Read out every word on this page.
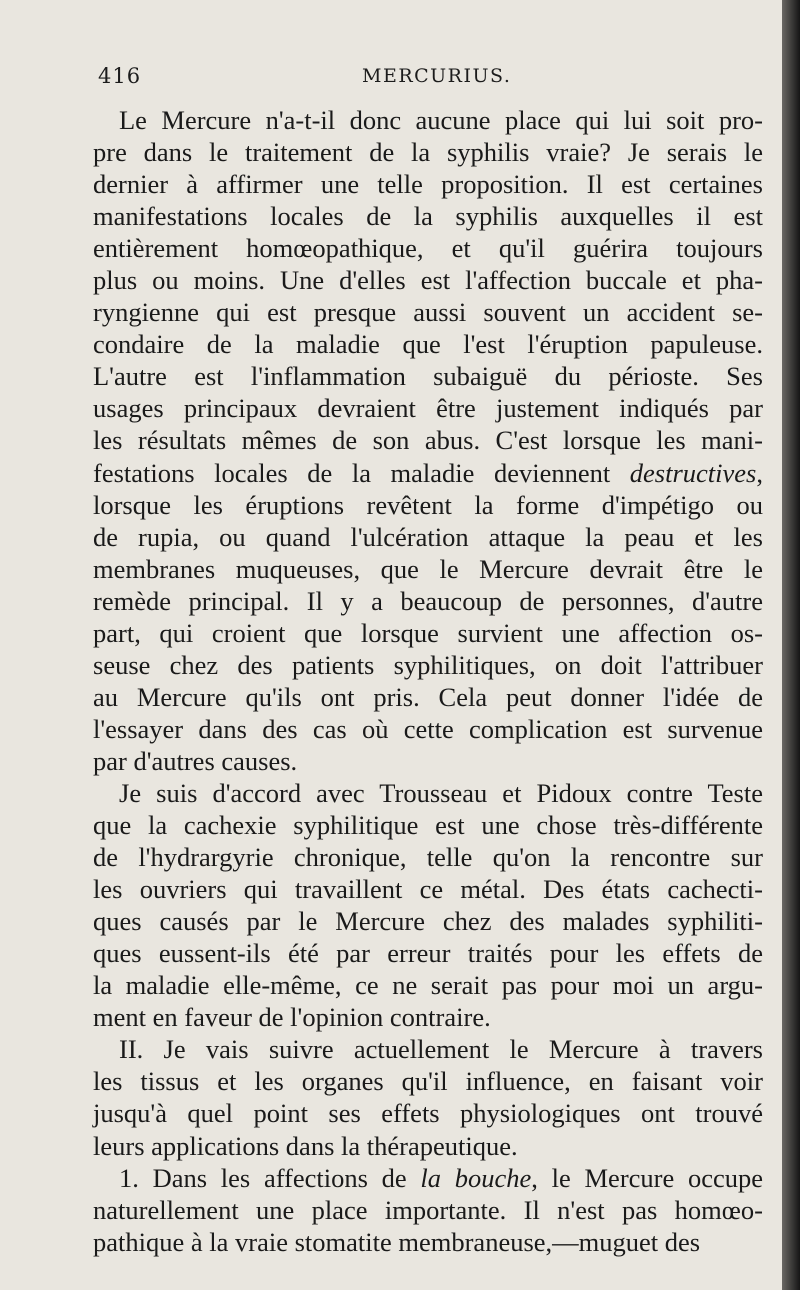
416	MERCURIUS.
Le Mercure n'a-t-il donc aucune place qui lui soit pro-
pre dans le traitement de la syphilis vraie? Je serais le
dernier à affirmer une telle proposition. Il est certaines
manifestations locales de la syphilis auxquelles il est
entièrement homœopathique, et qu'il guérira toujours
plus ou moins. Une d'elles est l'affection buccale et pha-
ryngienne qui est presque aussi souvent un accident se-
condaire de la maladie que l'est l'éruption papuleuse.
L'autre est l'inflammation subaiguë du périoste. Ses
usages principaux devraient être justement indiqués par
les résultats mêmes de son abus. C'est lorsque les mani-
festations locales de la maladie deviennent destructives,
lorsque les éruptions revêtent la forme d'impétigo ou
de rupia, ou quand l'ulcération attaque la peau et les
membranes muqueuses, que le Mercure devrait être le
remède principal. Il y a beaucoup de personnes, d'autre
part, qui croient que lorsque survient une affection os-
seuse chez des patients syphilitiques, on doit l'attribuer
au Mercure qu'ils ont pris. Cela peut donner l'idée de
l'essayer dans des cas où cette complication est survenue
par d'autres causes.
Je suis d'accord avec Trousseau et Pidoux contre Teste
que la cachexie syphilitique est une chose très-différente
de l'hydrargyrie chronique, telle qu'on la rencontre sur
les ouvriers qui travaillent ce métal. Des états cachecti-
ques causés par le Mercure chez des malades syphiliti-
ques eussent-ils été par erreur traités pour les effets de
la maladie elle-même, ce ne serait pas pour moi un argu-
ment en faveur de l'opinion contraire.
II. Je vais suivre actuellement le Mercure à travers
les tissus et les organes qu'il influence, en faisant voir
jusqu'à quel point ses effets physiologiques ont trouvé
leurs applications dans la thérapeutique.
1. Dans les affections de la bouche, le Mercure occupe
naturellement une place importante. Il n'est pas homœo-
pathique à la vraie stomatite membraneuse,—muguet des
